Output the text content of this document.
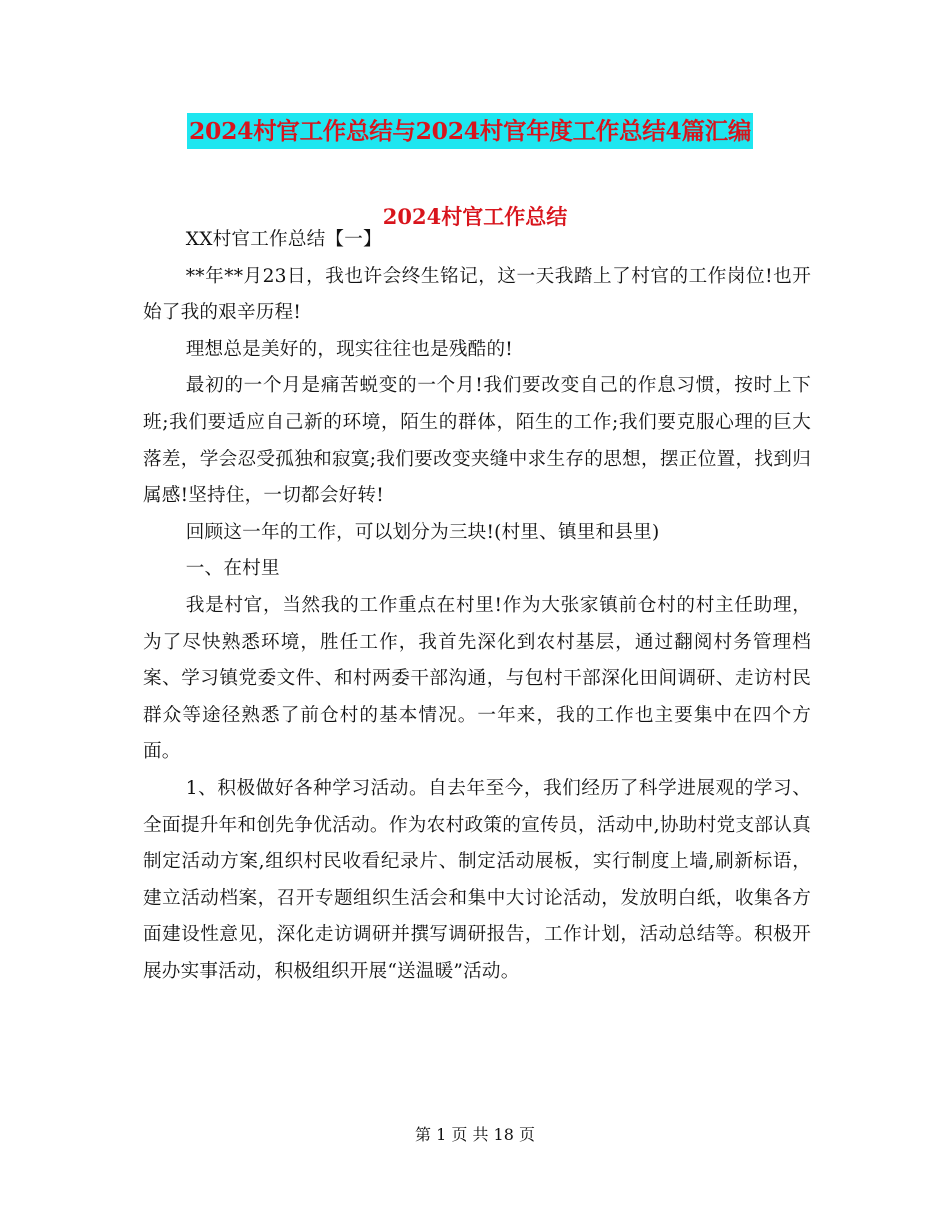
2024村官工作总结与2024村官年度工作总结4篇汇编
2024村官工作总结

XX村官工作总结【一】

**年**月23日，我也许会终生铭记，这一天我踏上了村官的工作岗位!也开始了我的艰辛历程!

理想总是美好的，现实往往也是残酷的!

最初的一个月是痛苦蜕变的一个月!我们要改变自己的作息习惯，按时上下班;我们要适应自己新的环境，陌生的群体，陌生的工作;我们要克服心理的巨大落差，学会忍受孤独和寂寞;我们要改变夹缝中求生存的思想，摆正位置，找到归属感!坚持住，一切都会好转!

回顾这一年的工作，可以划分为三块!(村里、镇里和县里)

一、在村里

我是村官，当然我的工作重点在村里!作为大张家镇前仓村的村主任助理，为了尽快熟悉环境，胜任工作，我首先深化到农村基层，通过翻阅村务管理档案、学习镇党委文件、和村两委干部沟通，与包村干部深化田间调研、走访村民群众等途径熟悉了前仓村的基本情况。一年来，我的工作也主要集中在四个方面。

1、积极做好各种学习活动。自去年至今，我们经历了科学进展观的学习、全面提升年和创先争优活动。作为农村政策的宣传员，活动中,协助村党支部认真制定活动方案,组织村民收看纪录片、制定活动展板，实行制度上墙,刷新标语，建立活动档案，召开专题组织生活会和集中大讨论活动，发放明白纸，收集各方面建设性意见，深化走访调研并撰写调研报告，工作计划，活动总结等。积极开展办实事活动，积极组织开展“送温暖”活动。

第 1 页 共 18 页
